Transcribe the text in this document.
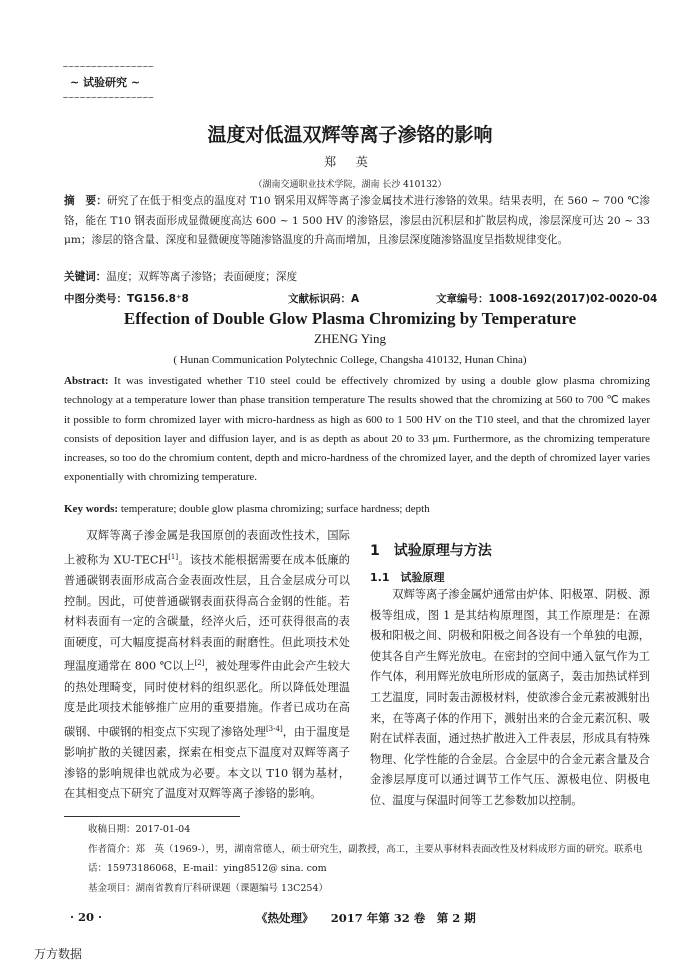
∽∽∽∽∽∽∽∽∽∽∽∽∽∽∽∽
~ 试验研究 ~
∽∽∽∽∽∽∽∽∽∽∽∽∽∽∽∽
温度对低温双辉等离子渗铬的影响
郑 英
（湖南交通职业技术学院，湖南 长沙 410132）
摘　要：研究了在低于相变点的温度对 T10 钢采用双辉等离子渗金属技术进行渗铬的效果。结果表明，在 560 ~ 700 ℃渗铬，能在 T10 钢表面形成显微硬度高达 600 ~ 1 500 HV 的渗铬层，渗层由沉积层和扩散层构成，渗层深度可达 20 ~ 33 μm；渗层的铬含量、深度和显微硬度等随渗铬温度的升高而增加，且渗层深度随渗铬温度呈指数规律变化。
关键词：温度；双辉等离子渗铬；表面硬度；深度
中图分类号：TG156.8⁺8	文献标识码：A	文章编号：1008-1692(2017)02-0020-04
Effection of Double Glow Plasma Chromizing by Temperature
ZHENG Ying
( Hunan Communication Polytechnic College, Changsha 410132, Hunan China)
Abstract: It was investigated whether T10 steel could be effectively chromized by using a double glow plasma chromizing technology at a temperature lower than phase transition temperature The results showed that the chromizing at 560 to 700 ℃ makes it possible to form chromized layer with micro-hardness as high as 600 to 1 500 HV on the T10 steel, and that the chromized layer consists of deposition layer and diffusion layer, and is as depth as about 20 to 33 μm. Furthermore, as the chromizing temperature increases, so too do the chromium content, depth and micro-hardness of the chromized layer, and the depth of chromized layer varies exponentially with chromizing temperature.
Key words: temperature; double glow plasma chromizing; surface hardness; depth
双辉等离子渗金属是我国原创的表面改性技术，国际上被称为 XU-TECH[1]。该技术能根据需要在成本低廉的普通碳钢表面形成高合金表面改性层，且合金层成分可以控制。因此，可使普通碳钢表面获得高合金钢的性能。若材料表面有一定的含碳量，经淬火后，还可获得很高的表面硬度，可大幅度提高材料表面的耐磨性。但此项技术处理温度通常在 800 ℃以上[2]，被处理零件由此会产生较大的热处理畸变，同时使材料的组织恶化。所以降低处理温度是此项技术能够推广应用的重要措施。作者已成功在高碳钢、中碳钢的相变点下实现了渗铬处理[3-4]，由于温度是影响扩散的关键因素，探索在相变点下温度对双辉等离子渗铬的影响规律也就成为必要。本文以 T10 钢为基材，在其相变点下研究了温度对双辉等离子渗铬的影响。
1　试验原理与方法
1.1　试验原理
双辉等离子渗金属炉通常由炉体、阳极罩、阴极、源极等组成，图 1 是其结构原理图，其工作原理是：在源极和阳极之间、阴极和阳极之间各设有一个单独的电源，使其各自产生辉光放电。在密封的空间中通入氩气作为工作气体，利用辉光放电所形成的氩离子，轰击加热试样到工艺温度，同时轰击源极材料，使欲渗合金元素被溅射出来，在等离子体的作用下，溅射出来的合金元素沉积、吸附在试样表面，通过热扩散进入工件表层，形成具有特殊物理、化学性能的合金层。合金层中的合金元素含量及合金渗层厚度可以通过调节工作气压、源极电位、阴极电位、温度与保温时间等工艺参数加以控制。
收稿日期：2017-01-04
作者简介：郑　英（1969-），男，湖南常德人，硕士研究生，副教授，高工，主要从事材料表面改性及材料成形方面的研究。联系电话：15973186068，E-mail：ying8512@ sina. com
基金项目：湖南省教育厅科研课题（课题编号 13C254）
· 20 ·	《热处理》　　2017 年第 32 卷　第 2 期
万方数据
